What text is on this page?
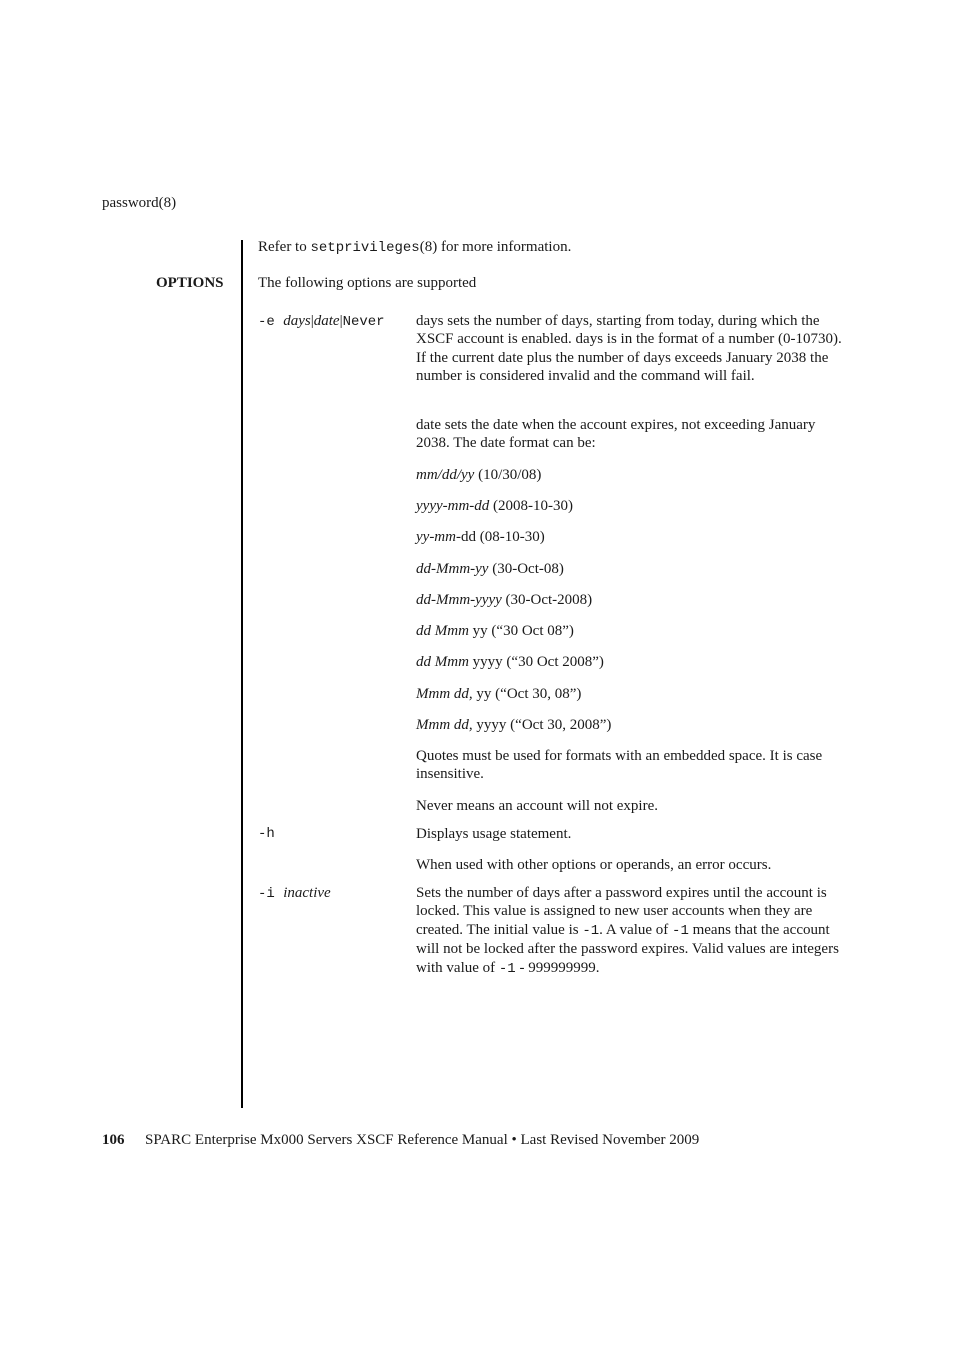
password(8)
Refer to setprivileges(8) for more information.
OPTIONS The following options are supported
-e days|date|Never days sets the number of days, starting from today, during which the XSCF account is enabled. days is in the format of a number (0-10730). If the current date plus the number of days exceeds January 2038 the number is considered invalid and the command will fail.
date sets the date when the account expires, not exceeding January 2038. The date format can be:
mm/dd/yy (10/30/08)
yyyy-mm-dd (2008-10-30)
yy-mm-dd (08-10-30)
dd-Mmm-yy (30-Oct-08)
dd-Mmm-yyyy (30-Oct-2008)
dd Mmm yy (“30 Oct 08”)
dd Mmm yyyy (“30 Oct 2008”)
Mmm dd, yy (“Oct 30, 08”)
Mmm dd, yyyy (“Oct 30, 2008”)
Quotes must be used for formats with an embedded space. It is case insensitive.
Never means an account will not expire.
-h	Displays usage statement.
When used with other options or operands, an error occurs.
-i inactive	Sets the number of days after a password expires until the account is locked. This value is assigned to new user accounts when they are created. The initial value is -1. A value of -1 means that the account will not be locked after the password expires. Valid values are integers with value of -1 - 999999999.
106 SPARC Enterprise Mx000 Servers XSCF Reference Manual • Last Revised November 2009
